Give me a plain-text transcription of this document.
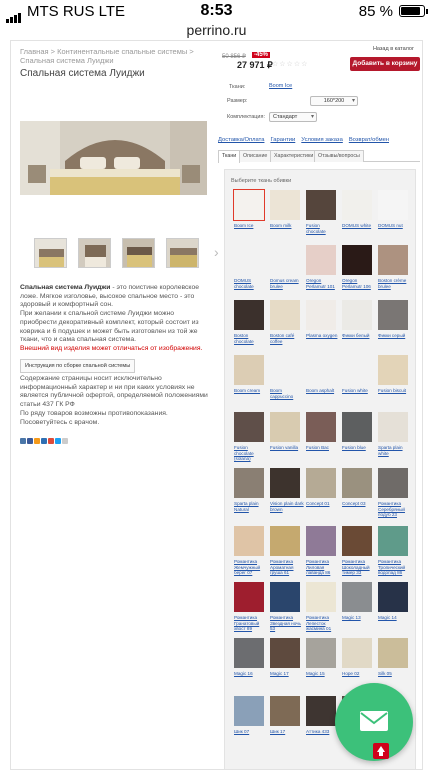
MTS RUS LTE	8:53	85 %
perrino.ru
Главная > Континентальные спальные системы > Спальная система Луиджи
Спальная система Луиджи
›
Спальная система Луиджи - это поистине королевское ложе. Мягкое изголовье, высокое спальное место - это здоровый и комфортный сон.
При желании к спальной системе Луиджи можно приобрести декоративный комплект, который состоит из коврика и 6 подушек и может быть изготовлен из той же ткани, что и сама спальная система.
Внешний вид изделия может отличаться от изображения.
Инструкция по сборке спальной системы
Содержание страницы носит исключительно информационный характер и ни при каких условиях не является публичной офертой, определяемой положениями статьи 437 ГК РФ
По ряду товаров возможны противопоказания. Посоветуйтесь с врачом.
Назад в каталог
50 856 ₽	-45%
27 971 ₽ ☆☆☆☆☆	Добавить в корзину
Ткани:	Boom Ice
Размер:	160*200 ▾
Комплектация:	Стандарт ▾
Доставка/Оплата Гарантии Условия заказа Возврат/обмен
Ткани	Описание	Характеристики Отзывы/вопросы
Выберите ткань обивки
Boom Ice	Boom milk	Fusion chocolate
DOMUS white	DOMUS nut
DOMUS chocolate
Domus cream brulee
Oregon Perlamutr 101
Oregon Perlamutr 106
Boston crème brulee
Boston chocolate
Boston café coffee
Plasma oxygen Фикки белый	Фикки серый
Boom cream	Boom cappuccino
Boom asphalt	Fusion white	Fusion biscuit
Fusion chocolate (solana)
Fusion vanilla	Fusion Bac	Fusion blue	Sparta plain white
Sparta plain Natural
Vision plain dark brown
Concept 01	Concept 03	Романтика Серебряный подуб 23
Романтика Жемчужный берег 07
Романтика Ароматная груша 61
Романтика Лиловая лаванда 86
Романтика Шоколадный тимер 33
Романтика Тропический водопад 86
Романтика Гранатовый хвост 89
Романтика Звездная ночь 53
Романтика Лепесток жасмина 01
Magic 13	Magic 14
Magic 16	Magic 17	Magic 15	Hope 02	Silk 05
Шик 07	Шик 17	Аттика 433
